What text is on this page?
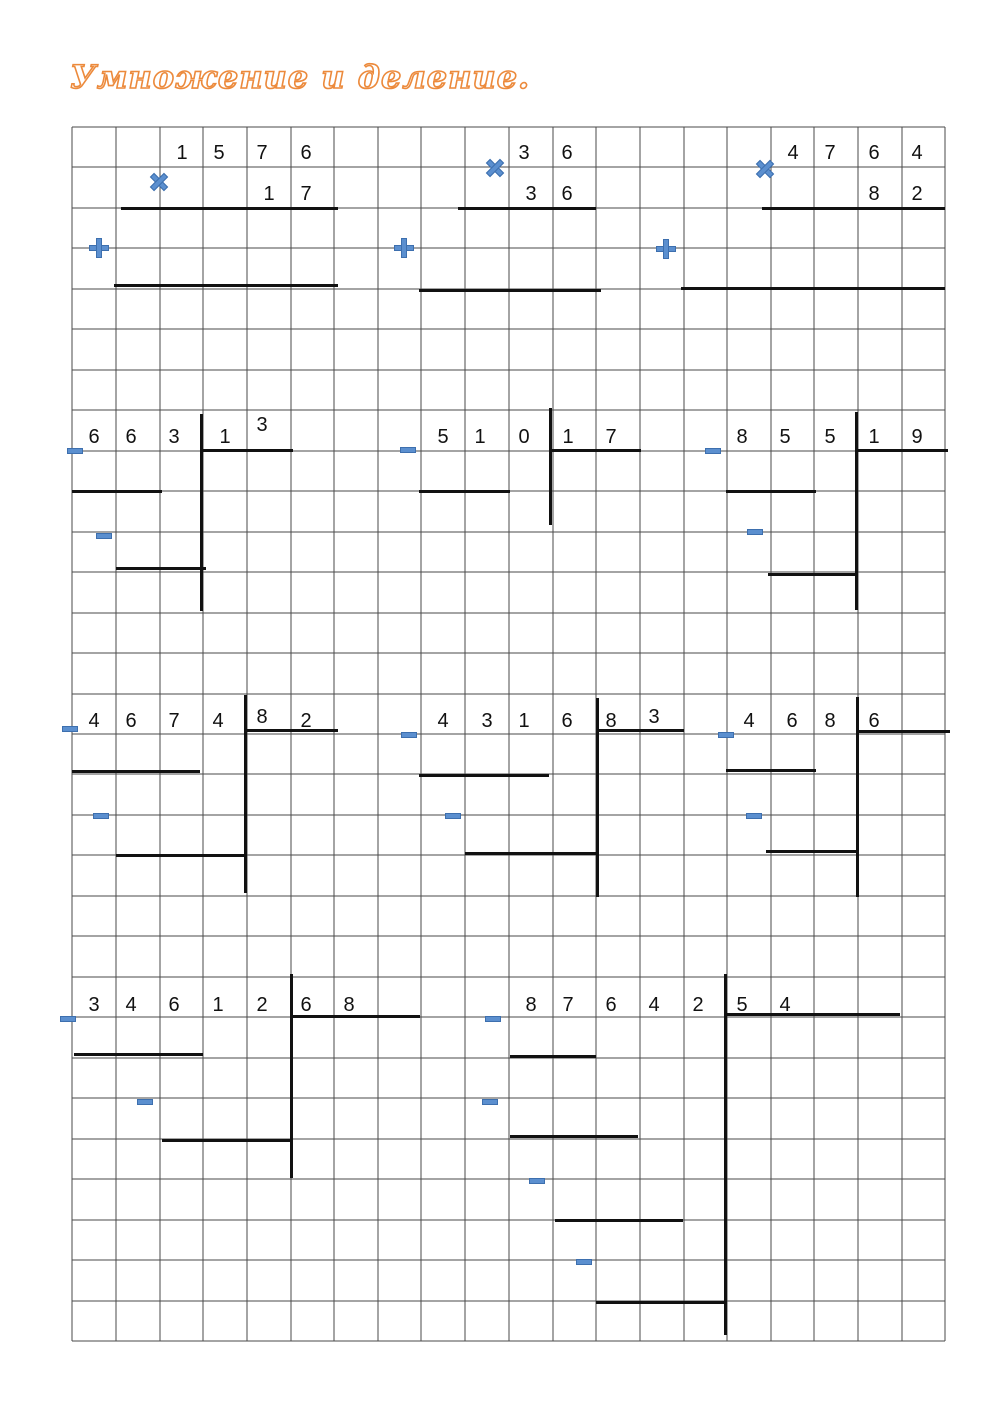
Умножение и деление.
1	5	7	6
1	7
3	6
3	6
4	7	6	4
8	2
6	6	3	1
3
5	1	0	1	7	8	5	5	1	9
4	6	7	4	8	2	4	3	1	6	8	3	4	6	8	6
3	4	6	1	2	6	8	8	7	6	4	2	5	4
